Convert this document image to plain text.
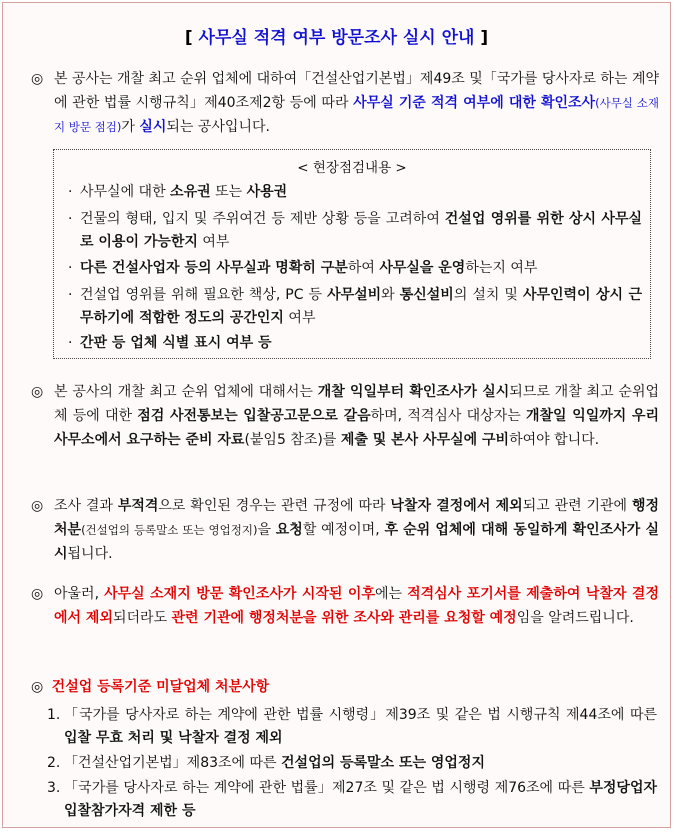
[ 사무실 적격 여부 방문조사 실시 안내 ]
◎ 본 공사는 개찰 최고 순위 업체에 대하여「건설산업기본법」제49조 및「국가를 당사자로 하는 계약에 관한 법률 시행규칙」제40조제2항 등에 따라 사무실 기준 적격 여부에 대한 확인조사(사무실 소재지 방문 점검)가 실시되는 공사입니다.
< 현장점검내용 >
· 사무실에 대한 소유권 또는 사용권
· 건물의 형태, 입지 및 주위여건 등 제반 상황 등을 고려하여 건설업 영위를 위한 상시 사무실로 이용이 가능한지 여부
· 다른 건설사업자 등의 사무실과 명확히 구분하여 사무실을 운영하는지 여부
· 건설업 영위를 위해 필요한 책상, PC 등 사무설비와 통신설비의 설치 및 사무인력이 상시 근무하기에 적합한 정도의 공간인지 여부
· 간판 등 업체 식별 표시 여부 등
◎ 본 공사의 개찰 최고 순위 업체에 대해서는 개찰 익일부터 확인조사가 실시되므로 개찰 최고 순위업체 등에 대한 점검 사전통보는 입찰공고문으로 갈음하며, 적격심사 대상자는 개찰일 익일까지 우리 사무소에서 요구하는 준비 자료(붙임5 참조)를 제출 및 본사 사무실에 구비하여야 합니다.
◎ 조사 결과 부적격으로 확인된 경우는 관련 규정에 따라 낙찰자 결정에서 제외되고 관련 기관에 행정처분(건설업의 등록말소 또는 영업정지)을 요청할 예정이며, 후 순위 업체에 대해 동일하게 확인조사가 실시됩니다.
◎ 아울러, 사무실 소재지 방문 확인조사가 시작된 이후에는 적격심사 포기서를 제출하여 낙찰자 결정에서 제외되더라도 관련 기관에 행정처분을 위한 조사와 관리를 요청할 예정임을 알려드립니다.
◎ 건설업 등록기준 미달업체 처분사항
1. 「국가를 당사자로 하는 계약에 관한 법률 시행령」제39조 및 같은 법 시행규칙 제44조에 따른 입찰 무효 처리 및 낙찰자 결정 제외
2. 「건설산업기본법」제83조에 따른 건설업의 등록말소 또는 영업정지
3. 「국가를 당사자로 하는 계약에 관한 법률」제27조 및 같은 법 시행령 제76조에 따른 부정당업자 입찰참가자격 제한 등
